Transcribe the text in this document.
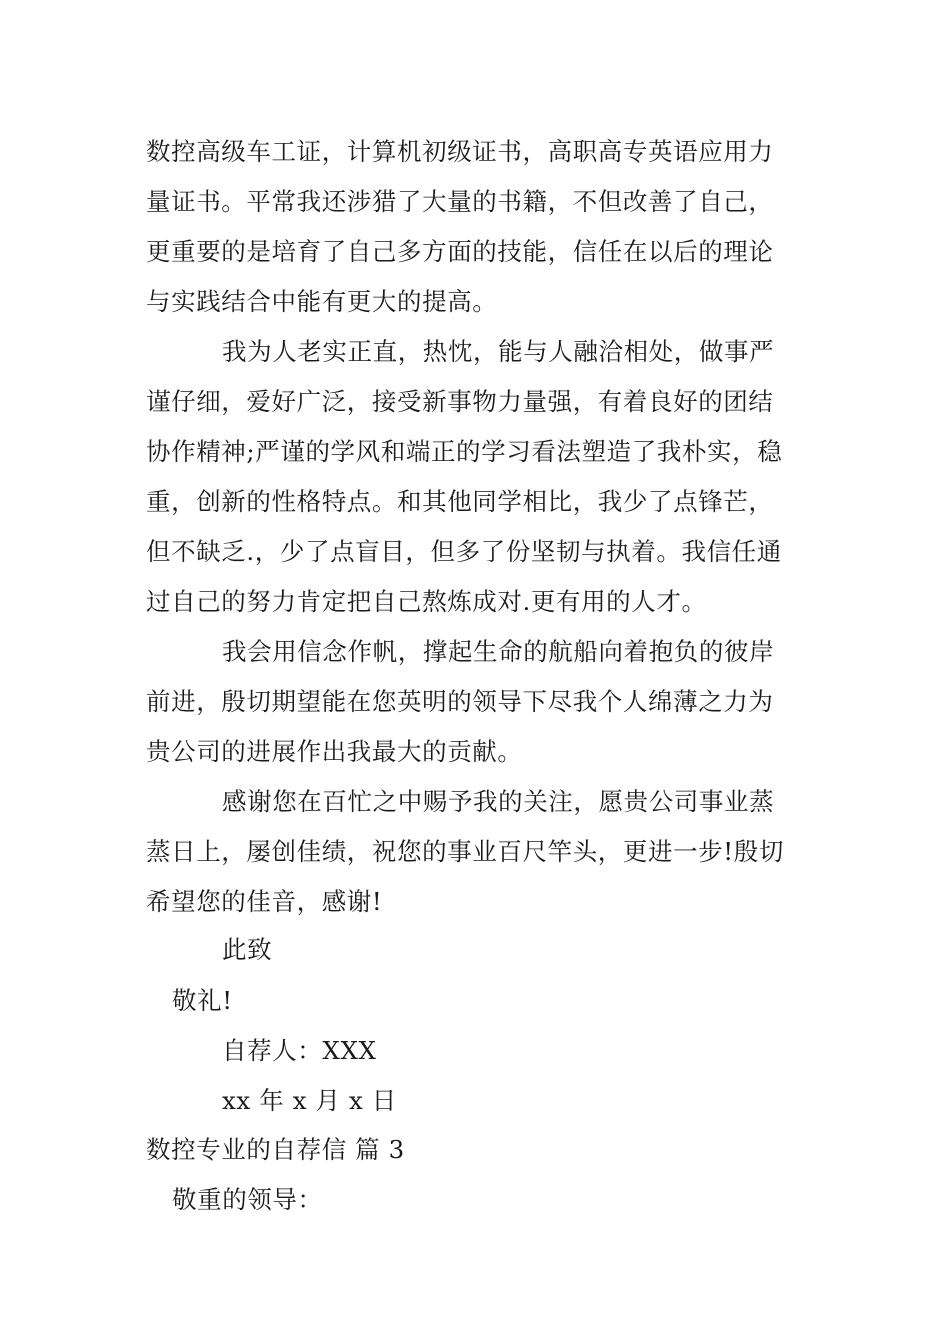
数控高级车工证，计算机初级证书，高职高专英语应用力
量证书。平常我还涉猎了大量的书籍，不但改善了自己，
更重要的是培育了自己多方面的技能，信任在以后的理论
与实践结合中能有更大的提高。
我为人老实正直，热忱，能与人融洽相处，做事严
谨仔细，爱好广泛，接受新事物力量强，有着良好的团结
协作精神;严谨的学风和端正的学习看法塑造了我朴实，稳
重，创新的性格特点。和其他同学相比，我少了点锋芒，
但不缺乏.，少了点盲目，但多了份坚韧与执着。我信任通
过自己的努力肯定把自己熬炼成对.更有用的人才。
我会用信念作帆，撑起生命的航船向着抱负的彼岸
前进，殷切期望能在您英明的领导下尽我个人绵薄之力为
贵公司的进展作出我最大的贡献。
感谢您在百忙之中赐予我的关注，愿贵公司事业蒸
蒸日上，屡创佳绩，祝您的事业百尺竿头，更进一步!殷切
希望您的佳音，感谢!
此致
敬礼!
自荐人：XXX
xx 年 x 月 x 日
数控专业的自荐信 篇 3
敬重的领导：
